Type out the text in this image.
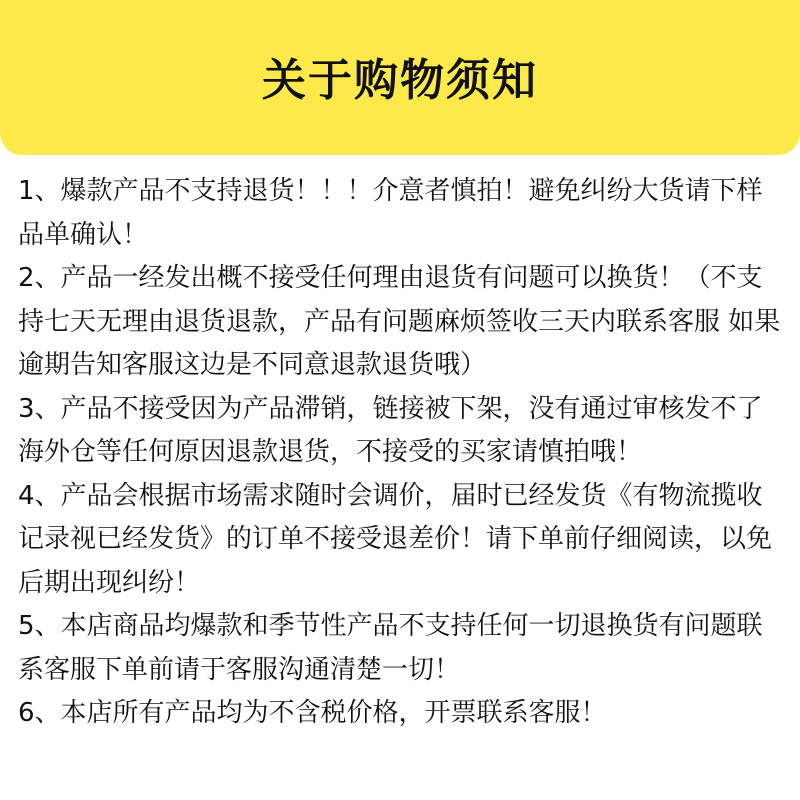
关于购物须知

1、爆款产品不支持退货！！！介意者慎拍！避免纠纷大货请下样品单确认！

2、产品一经发出概不接受任何理由退货有问题可以换货！（不支持七天无理由退货退款，产品有问题麻烦签收三天内联系客服 如果逾期告知客服这边是不同意退款退货哦）

3、产品不接受因为产品滞销，链接被下架，没有通过审核发不了海外仓等任何原因退款退货，不接受的买家请慎拍哦！

4、产品会根据市场需求随时会调价，届时已经发货《有物流揽收记录视已经发货》的订单不接受退差价！请下单前仔细阅读，以免后期出现纠纷！

5、本店商品均爆款和季节性产品不支持任何一切退换货有问题联系客服下单前请于客服沟通清楚一切！

6、本店所有产品均为不含税价格，开票联系客服！
